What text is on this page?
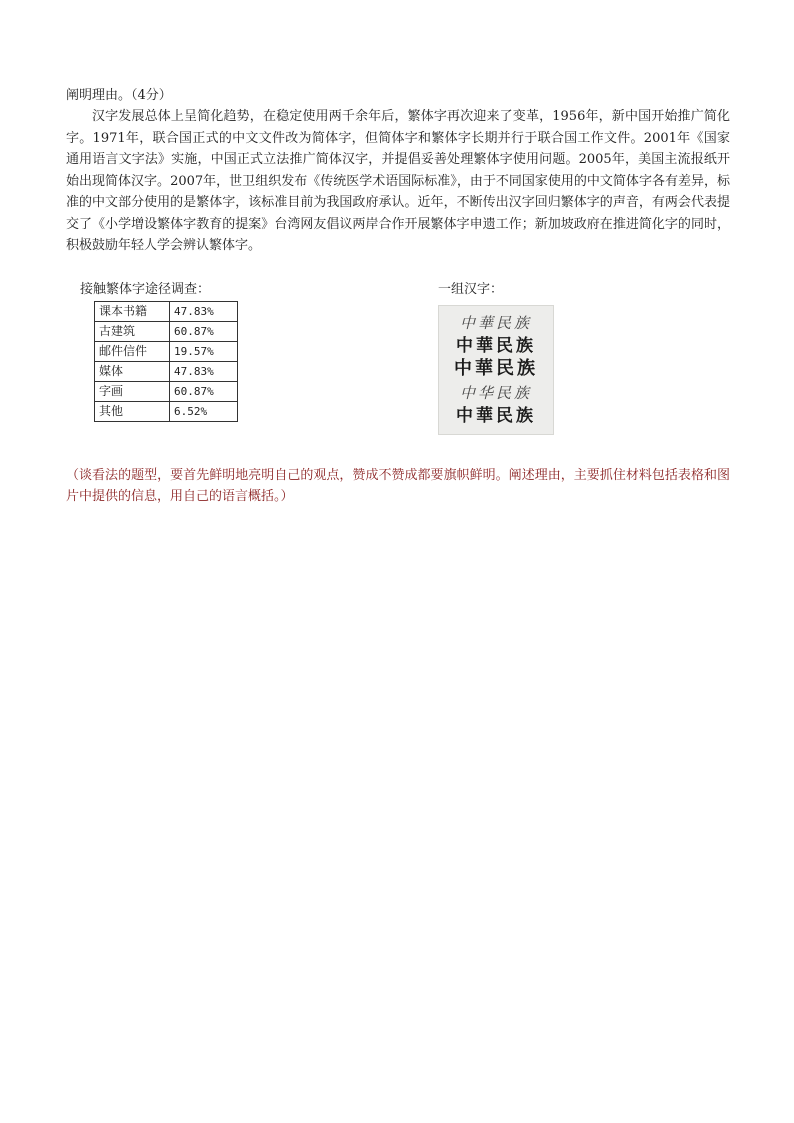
阐明理由。（4分）

汉字发展总体上呈简化趋势，在稳定使用两千余年后，繁体字再次迎来了变革，1956年，新中国开始推广简化字。1971年，联合国正式的中文文件改为简体字，但简体字和繁体字长期并行于联合国工作文件。2001年《国家通用语言文字法》实施，中国正式立法推广简体汉字，并提倡妥善处理繁体字使用问题。2005年，美国主流报纸开始出现简体汉字。2007年，世卫组织发布《传统医学术语国际标准》，由于不同国家使用的中文简体字各有差异，标准的中文部分使用的是繁体字，该标准目前为我国政府承认。近年，不断传出汉字回归繁体字的声音，有两会代表提交了《小学增设繁体字教育的提案》台湾网友倡议两岸合作开展繁体字申遗工作；新加坡政府在推进简化字的同时，积极鼓励年轻人学会辨认繁体字。

接触繁体字途径调查：

课本书籍	47.83%
古建筑	60.87%
邮件信件	19.57%
媒体	47.83%
字画	60.87%
其他	6.52%

一组汉字：

中華民族
中華民族
中華民族
中华民族
中華民族

（谈看法的题型，要首先鲜明地亮明自己的观点，赞成不赞成都要旗帜鲜明。阐述理由，主要抓住材料包括表格和图片中提供的信息，用自己的语言概括。）
